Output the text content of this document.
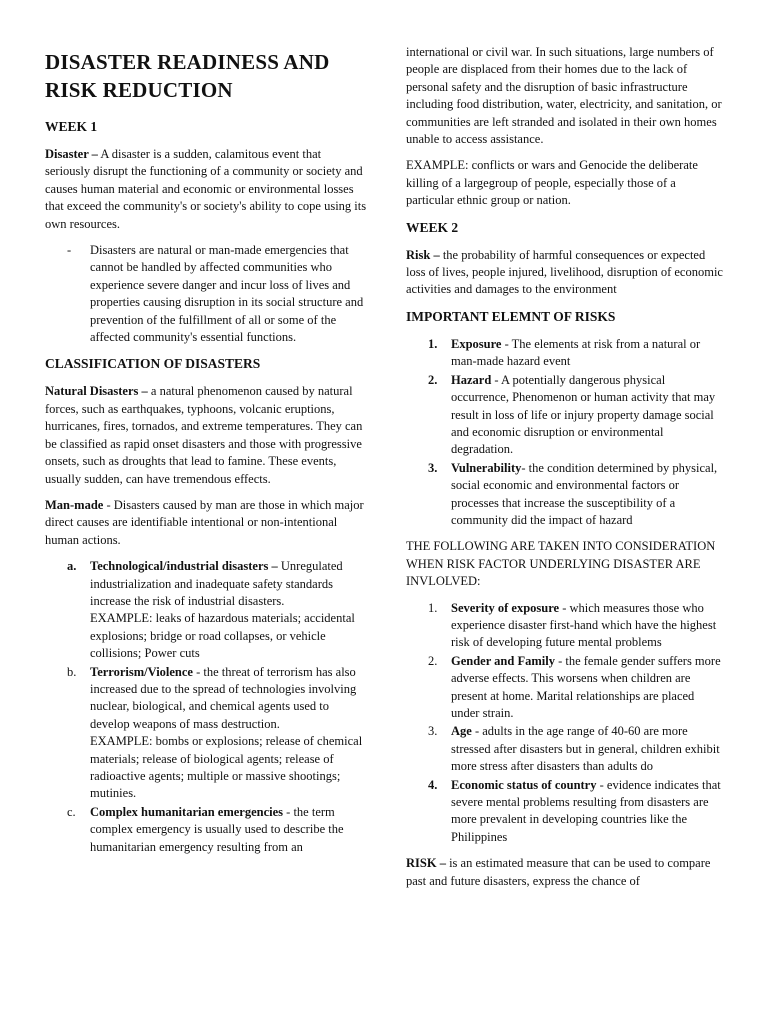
DISASTER READINESS AND RISK REDUCTION
WEEK 1

Disaster – A disaster is a sudden, calamitous event that seriously disrupt the functioning of a community or society and causes human material and economic or environmental losses that exceed the community's or society's ability to cope using its own resources.

- Disasters are natural or man-made emergencies that cannot be handled by affected communities who experience severe danger and incur loss of lives and properties causing disruption in its social structure and prevention of the fulfillment of all or some of the affected community's essential functions.
CLASSIFICATION OF DISASTERS

Natural Disasters – a natural phenomenon caused by natural forces, such as earthquakes, typhoons, volcanic eruptions, hurricanes, fires, tornados, and extreme temperatures. They can be classified as rapid onset disasters and those with progressive onsets, such as droughts that lead to famine. These events, usually sudden, can have tremendous effects.

Man-made - Disasters caused by man are those in which major direct causes are identifiable intentional or non-intentional human actions.

a. Technological/industrial disasters – Unregulated industrialization and inadequate safety standards increase the risk of industrial disasters.
EXAMPLE: leaks of hazardous materials; accidental explosions; bridge or road collapses, or vehicle collisions; Power cuts
b. Terrorism/Violence - the threat of terrorism has also increased due to the spread of technologies involving nuclear, biological, and chemical agents used to develop weapons of mass destruction.
EXAMPLE: bombs or explosions; release of chemical materials; release of biological agents; release of radioactive agents; multiple or massive shootings; mutinies.
c. Complex humanitarian emergencies - the term complex emergency is usually used to describe the humanitarian emergency resulting from an

international or civil war. In such situations, large numbers of people are displaced from their homes due to the lack of personal safety and the disruption of basic infrastructure including food distribution, water, electricity, and sanitation, or communities are left stranded and isolated in their own homes unable to access assistance.

EXAMPLE: conflicts or wars and Genocide the deliberate killing of a largegroup of people, especially those of a particular ethnic group or nation.

WEEK 2

Risk – the probability of harmful consequences or expected loss of lives, people injured, livelihood, disruption of economic activities and damages to the environment

IMPORTANT ELEMNT OF RISKS
1. Exposure - The elements at risk from a natural or man-made hazard event
2. Hazard - A potentially dangerous physical occurrence, Phenomenon or human activity that may result in loss of life or injury property damage social and economic disruption or environmental degradation.
3. Vulnerability- the condition determined by physical, social economic and environmental factors or processes that increase the susceptibility of a community did the impact of hazard
THE FOLLOWING ARE TAKEN INTO CONSIDERATION WHEN RISK FACTOR UNDERLYING DISASTER ARE INVLOLVED:
1. Severity of exposure - which measures those who experience disaster first-hand which have the highest risk of developing future mental problems
2. Gender and Family - the female gender suffers more adverse effects. This worsens when children are present at home. Marital relationships are placed under strain.
3. Age - adults in the age range of 40-60 are more stressed after disasters but in general, children exhibit more stress after disasters than adults do
4. Economic status of country - evidence indicates that severe mental problems resulting from disasters are more prevalent in developing countries like the Philippines

RISK – is an estimated measure that can be used to compare past and future disasters, express the chance of
